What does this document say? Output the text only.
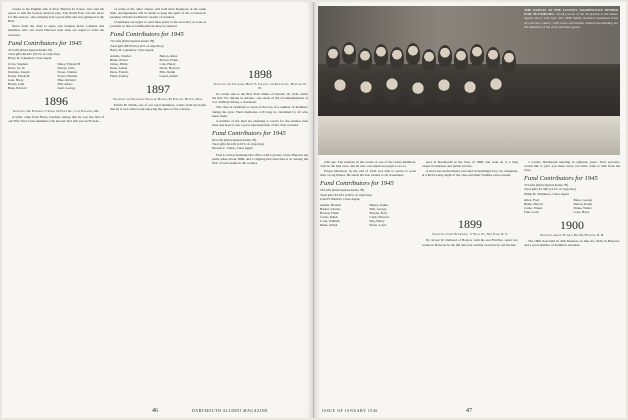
sonnel to the English side of Prof. Herbert D. Foster, who sent his report to this the Society musical play. The North Pole was the show for this season... the company had a good time and was gathered at the Hall.

News from the class is spare, but reunion plans continue and members who can reach Hanover next June are urged to write the secretary.

Fund Contributors for 1945
45 Gifts (Participation Index 70)
Total gifts $6,041 (101% of objective)
Harry D. Lakeman, Class Agent
Cross, Stephen	Daley, Edward B.
Davis, W. W.	Dewey, John
Dorman, Joseph	Eaton, Charles
Evans, Edwin B.	Foster, Herbert
Gale, Harry	Hale, Richard
Harris, John	Hill, Albert
Hunt, Edward	Kent, George
1896
Secretary, Dr. Frederick J. Spurr, 22 Essex Rd., Cape Elizabeth, Me.

A letter came from Harry Gardner stating that he was the first of our Fifty Year Class members who has her first full year in Florida...

of some of the other classes will hold their Reunions at the same time. Arrangements will be made to keep the spirit of the occasion in keeping with the traditional custom of reunions.

Classmates are urged to send their plans to the secretary as soon as possible so that accommodations may be assured.

Fund Contributors for 1945
72 Gifts (Participation Index 78)
Total gifts $876.50 (112% of objective)
Harry D. Lakeman, Class Agent
Adams, Charles	Barton, Allen
Blake, Ernest	Brown, Frank
Chase, Philip	Cole, Henry
Dana, Luther	Davis, Howard
Drew, Francis	Ellis, Ralph
Field, Stanley	Gould, Arthur
1897
Secretary and Treasurer, Willis A. Holden, 92 Park St., Boston, Mass.

Edwin H. Smith, one of our loyal members, writes from his home that he is now retired and enjoying the quiet of the country...

1898
Secretary and Treasurer, Henry E. Crowley, 12 Richard St., Hanover, N. H.

In a letter sent to the New York Times of October 19, 1945, under the title 'No Smoke in Atlanta,' one reads of the accomplishments of Col. William Sibley, a classmate.

The class is saddened to learn of the loss of a number of members during the year. Their memories will long be cherished by all who knew them.

A number of the men are planning to return for the reunion next June and hope to see a good representation of the class on hand.

Fund Contributors for 1945
64 Gifts (Participation Index 78)
Total gifts $2,109 (125% of objective)
Morton C. Tuttle, Class Agent

Fred Lord has furnished the office with a picture of the Hanover ski team, taken about 1898, and a clipping that describes it as 'among the first' of such teams in the country.

46	DARTMOUTH ALUMNI MAGAZINE
THE GUESTS AT THE LYNCH'S WASHINGTON DINNER FOR '98 FAMILIES. Twenty-seven of the 28 present at the dinner appear above with host. The 1898 family included classmates from all over the country, with wives and friends. Seated and standing are the members of the class and their guests.

with age. The reunion, in the words of one of the oldest members, 'will be the best ever,' and all who can attend are urged to do so.

Ernest Murdock, by the end of 1945 was able to return to work after a long illness. He sends his best wishes to all classmates.

Fund Contributors for 1945
56 Gifts (Participation Index 78)
Total gifts $3,015 (146% of objective)
John H. Bartlett, Class Agent
Adams, Herbert	Bailey, Arthur
Barker, Charles	Bell, George
Bowen, Frank	Brooks, Fred
Carter, Ralph	Clark, Edward
Cook, William	Day, Henry
Dunn, Arthur	Eaton, Louis

ence at Dartmouth in the class of 1898, and went on to a long career in business and public service.

A most successful dinner was held in Washington by our classmate, at which twenty-eight of the class and their families were present.

1899
Secretary, Joseph B. Gilbert, 17 Wall St., New York, N. Y.

Dr. Royal W. Osmond of Boston, with his son Fletcher, spent two weeks in Hanover in the fall and was warmly received by old friends.

a worthy Dartmouth meeting in eighteen years. Your secretary would like to give you more news, but little came to him from the class.

Fund Contributors for 1945
35 Gifts (Participation Index 78)
Total gifts $1,360 (121% of objective)
Philip H. Whitmore, Class Agent
Allen, Fred	Bates, George
Blake, Harold	Burton, Ralph
Cutter, Ernest	Drake, Walter
Fisk, Louis	Goss, Harry
1900
Secretary, Archie B. Gile, Box 84, Hanover, N. H.

The 1900 class held its 45th Reunion on June 22, 1945, in Hanover, and a good number of members attended.

47
ISSUE OF JANUARY 1946
